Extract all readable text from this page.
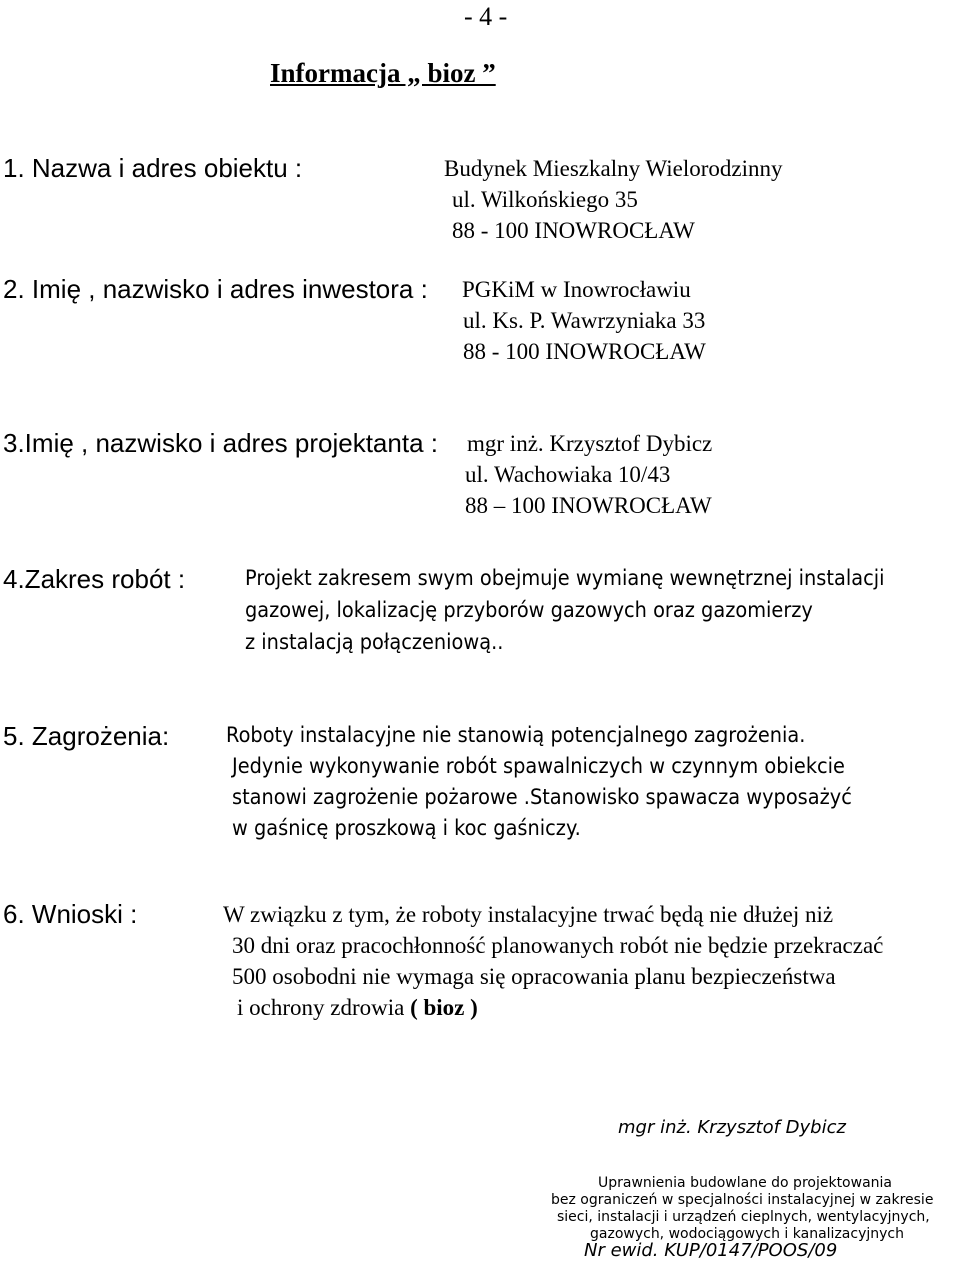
- 4 -
Informacja „ bioz ”
1. Nazwa i adres obiektu :	Budynek Mieszkalny Wielorodzinny
ul. Wilkońskiego 35
88 - 100 INOWROCŁAW
2. Imię , nazwisko i adres inwestora : PGKiM w Inowrocławiu
ul. Ks. P. Wawrzyniaka 33
88 - 100 INOWROCŁAW
3.Imię , nazwisko i adres projektanta : mgr inż. Krzysztof Dybicz
ul. Wachowiaka 10/43
88 – 100 INOWROCŁAW
4.Zakres robót :	Projekt zakresem swym obejmuje wymianę wewnętrznej instalacji
gazowej, lokalizację przyborów gazowych oraz gazomierzy
z instalacją połączeniową..
5. Zagrożenia:	Roboty instalacyjne nie stanowią potencjalnego zagrożenia.
Jedynie wykonywanie robót spawalniczych w czynnym obiekcie
stanowi zagrożenie pożarowe .Stanowisko spawacza wyposażyć
w gaśnicę proszkową i koc gaśniczy.
6. Wnioski :	W związku z tym, że roboty instalacyjne trwać będą nie dłużej niż
30 dni oraz pracochłonność planowanych robót nie będzie przekraczać
500 osobodni nie wymaga się opracowania planu bezpieczeństwa
i ochrony zdrowia ( bioz )
mgr inż. Krzysztof Dybicz
Uprawnienia budowlane do projektowania
bez ograniczeń w specjalności instalacyjnej w zakresie
sieci, instalacji i urządzeń cieplnych, wentylacyjnych,
gazowych, wodociągowych i kanalizacyjnych
Nr ewid. KUP/0147/POOS/09
